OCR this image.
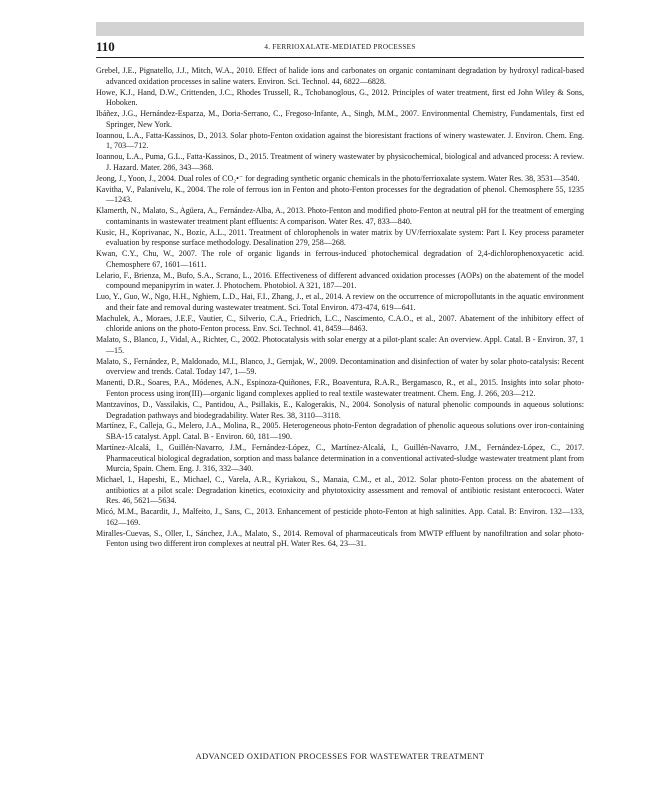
110	4. FERRIOXALATE-MEDIATED PROCESSES
Grebel, J.E., Pignatello, J.J., Mitch, W.A., 2010. Effect of halide ions and carbonates on organic contaminant degradation by hydroxyl radical-based advanced oxidation processes in saline waters. Environ. Sci. Technol. 44, 6822—6828.
Howe, K.J., Hand, D.W., Crittenden, J.C., Rhodes Trussell, R., Tchobanoglous, G., 2012. Principles of water treatment, first ed John Wiley & Sons, Hoboken.
Ibáñez, J.G., Hernández-Esparza, M., Doria-Serrano, C., Fregoso-Infante, A., Singh, M.M., 2007. Environmental Chemistry, Fundamentals, first ed Springer, New York.
Ioannou, L.A., Fatta-Kassinos, D., 2013. Solar photo-Fenton oxidation against the bioresistant fractions of winery wastewater. J. Environ. Chem. Eng. 1, 703—712.
Ioannou, L.A., Puma, G.L., Fatta-Kassinos, D., 2015. Treatment of winery wastewater by physicochemical, biological and advanced process: A review. J. Hazard. Mater. 286, 343—368.
Jeong, J., Yoon, J., 2004. Dual roles of CO₂•⁻ for degrading synthetic organic chemicals in the photo/ferrioxalate system. Water Res. 38, 3531—3540.
Kavitha, V., Palanivelu, K., 2004. The role of ferrous ion in Fenton and photo-Fenton processes for the degradation of phenol. Chemosphere 55, 1235—1243.
Klamerth, N., Malato, S., Agüera, A., Fernández-Alba, A., 2013. Photo-Fenton and modified photo-Fenton at neutral pH for the treatment of emerging contaminants in wastewater treatment plant effluents: A comparison. Water Res. 47, 833—840.
Kusic, H., Koprivanac, N., Bozic, A.L., 2011. Treatment of chlorophenols in water matrix by UV/ferrioxalate system: Part I. Key process parameter evaluation by response surface methodology. Desalination 279, 258—268.
Kwan, C.Y., Chu, W., 2007. The role of organic ligands in ferrous-induced photochemical degradation of 2,4-dichlorophenoxyacetic acid. Chemosphere 67, 1601—1611.
Lelario, F., Brienza, M., Bufo, S.A., Scrano, L., 2016. Effectiveness of different advanced oxidation processes (AOPs) on the abatement of the model compound mepanipyrim in water. J. Photochem. Photobiol. A 321, 187—201.
Luo, Y., Guo, W., Ngo, H.H., Nghiem, L.D., Hai, F.I., Zhang, J., et al., 2014. A review on the occurrence of micropollutants in the aquatic environment and their fate and removal during wastewater treatment. Sci. Total Environ. 473-474, 619—641.
Machulek, A., Moraes, J.E.F., Vautier, C., Silverio, C.A., Friedrich, L.C., Nascimento, C.A.O., et al., 2007. Abatement of the inhibitory effect of chloride anions on the photo-Fenton process. Env. Sci. Technol. 41, 8459—8463.
Malato, S., Blanco, J., Vidal, A., Richter, C., 2002. Photocatalysis with solar energy at a pilot-plant scale: An overview. Appl. Catal. B - Environ. 37, 1—15.
Malato, S., Fernández, P., Maldonado, M.I., Blanco, J., Gernjak, W., 2009. Decontamination and disinfection of water by solar photo-catalysis: Recent overview and trends. Catal. Today 147, 1—59.
Manenti, D.R., Soares, P.A., Módenes, A.N., Espinoza-Quiñones, F.R., Boaventura, R.A.R., Bergamasco, R., et al., 2015. Insights into solar photo-Fenton process using iron(III)—organic ligand complexes applied to real textile wastewater treatment. Chem. Eng. J. 266, 203—212.
Mantzavinos, D., Vassilakis, C., Pantidou, A., Psillakis, E., Kalogerakis, N., 2004. Sonolysis of natural phenolic compounds in aqueous solutions: Degradation pathways and biodegradability. Water Res. 38, 3110—3118.
Martínez, F., Calleja, G., Melero, J.A., Molina, R., 2005. Heterogeneous photo-Fenton degradation of phenolic aqueous solutions over iron-containing SBA-15 catalyst. Appl. Catal. B - Environ. 60, 181—190.
Martínez-Alcalá, I., Guillén-Navarro, J.M., Fernández-López, C., Martínez-Alcalá, I., Guillén-Navarro, J.M., Fernández-López, C., 2017. Pharmaceutical biological degradation, sorption and mass balance determination in a conventional activated-sludge wastewater treatment plant from Murcia, Spain. Chem. Eng. J. 316, 332—340.
Michael, I., Hapeshi, E., Michael, C., Varela, A.R., Kyriakou, S., Manaia, C.M., et al., 2012. Solar photo-Fenton process on the abatement of antibiotics at a pilot scale: Degradation kinetics, ecotoxicity and phytotoxicity assessment and removal of antibiotic resistant enterococci. Water Res. 46, 5621—5634.
Micó, M.M., Bacardit, J., Malfeito, J., Sans, C., 2013. Enhancement of pesticide photo-Fenton at high salinities. App. Catal. B: Environ. 132—133, 162—169.
Miralles-Cuevas, S., Oller, I., Sánchez, J.A., Malato, S., 2014. Removal of pharmaceuticals from MWTP effluent by nanofiltration and solar photo-Fenton using two different iron complexes at neutral pH. Water Res. 64, 23—31.
ADVANCED OXIDATION PROCESSES FOR WASTEWATER TREATMENT
